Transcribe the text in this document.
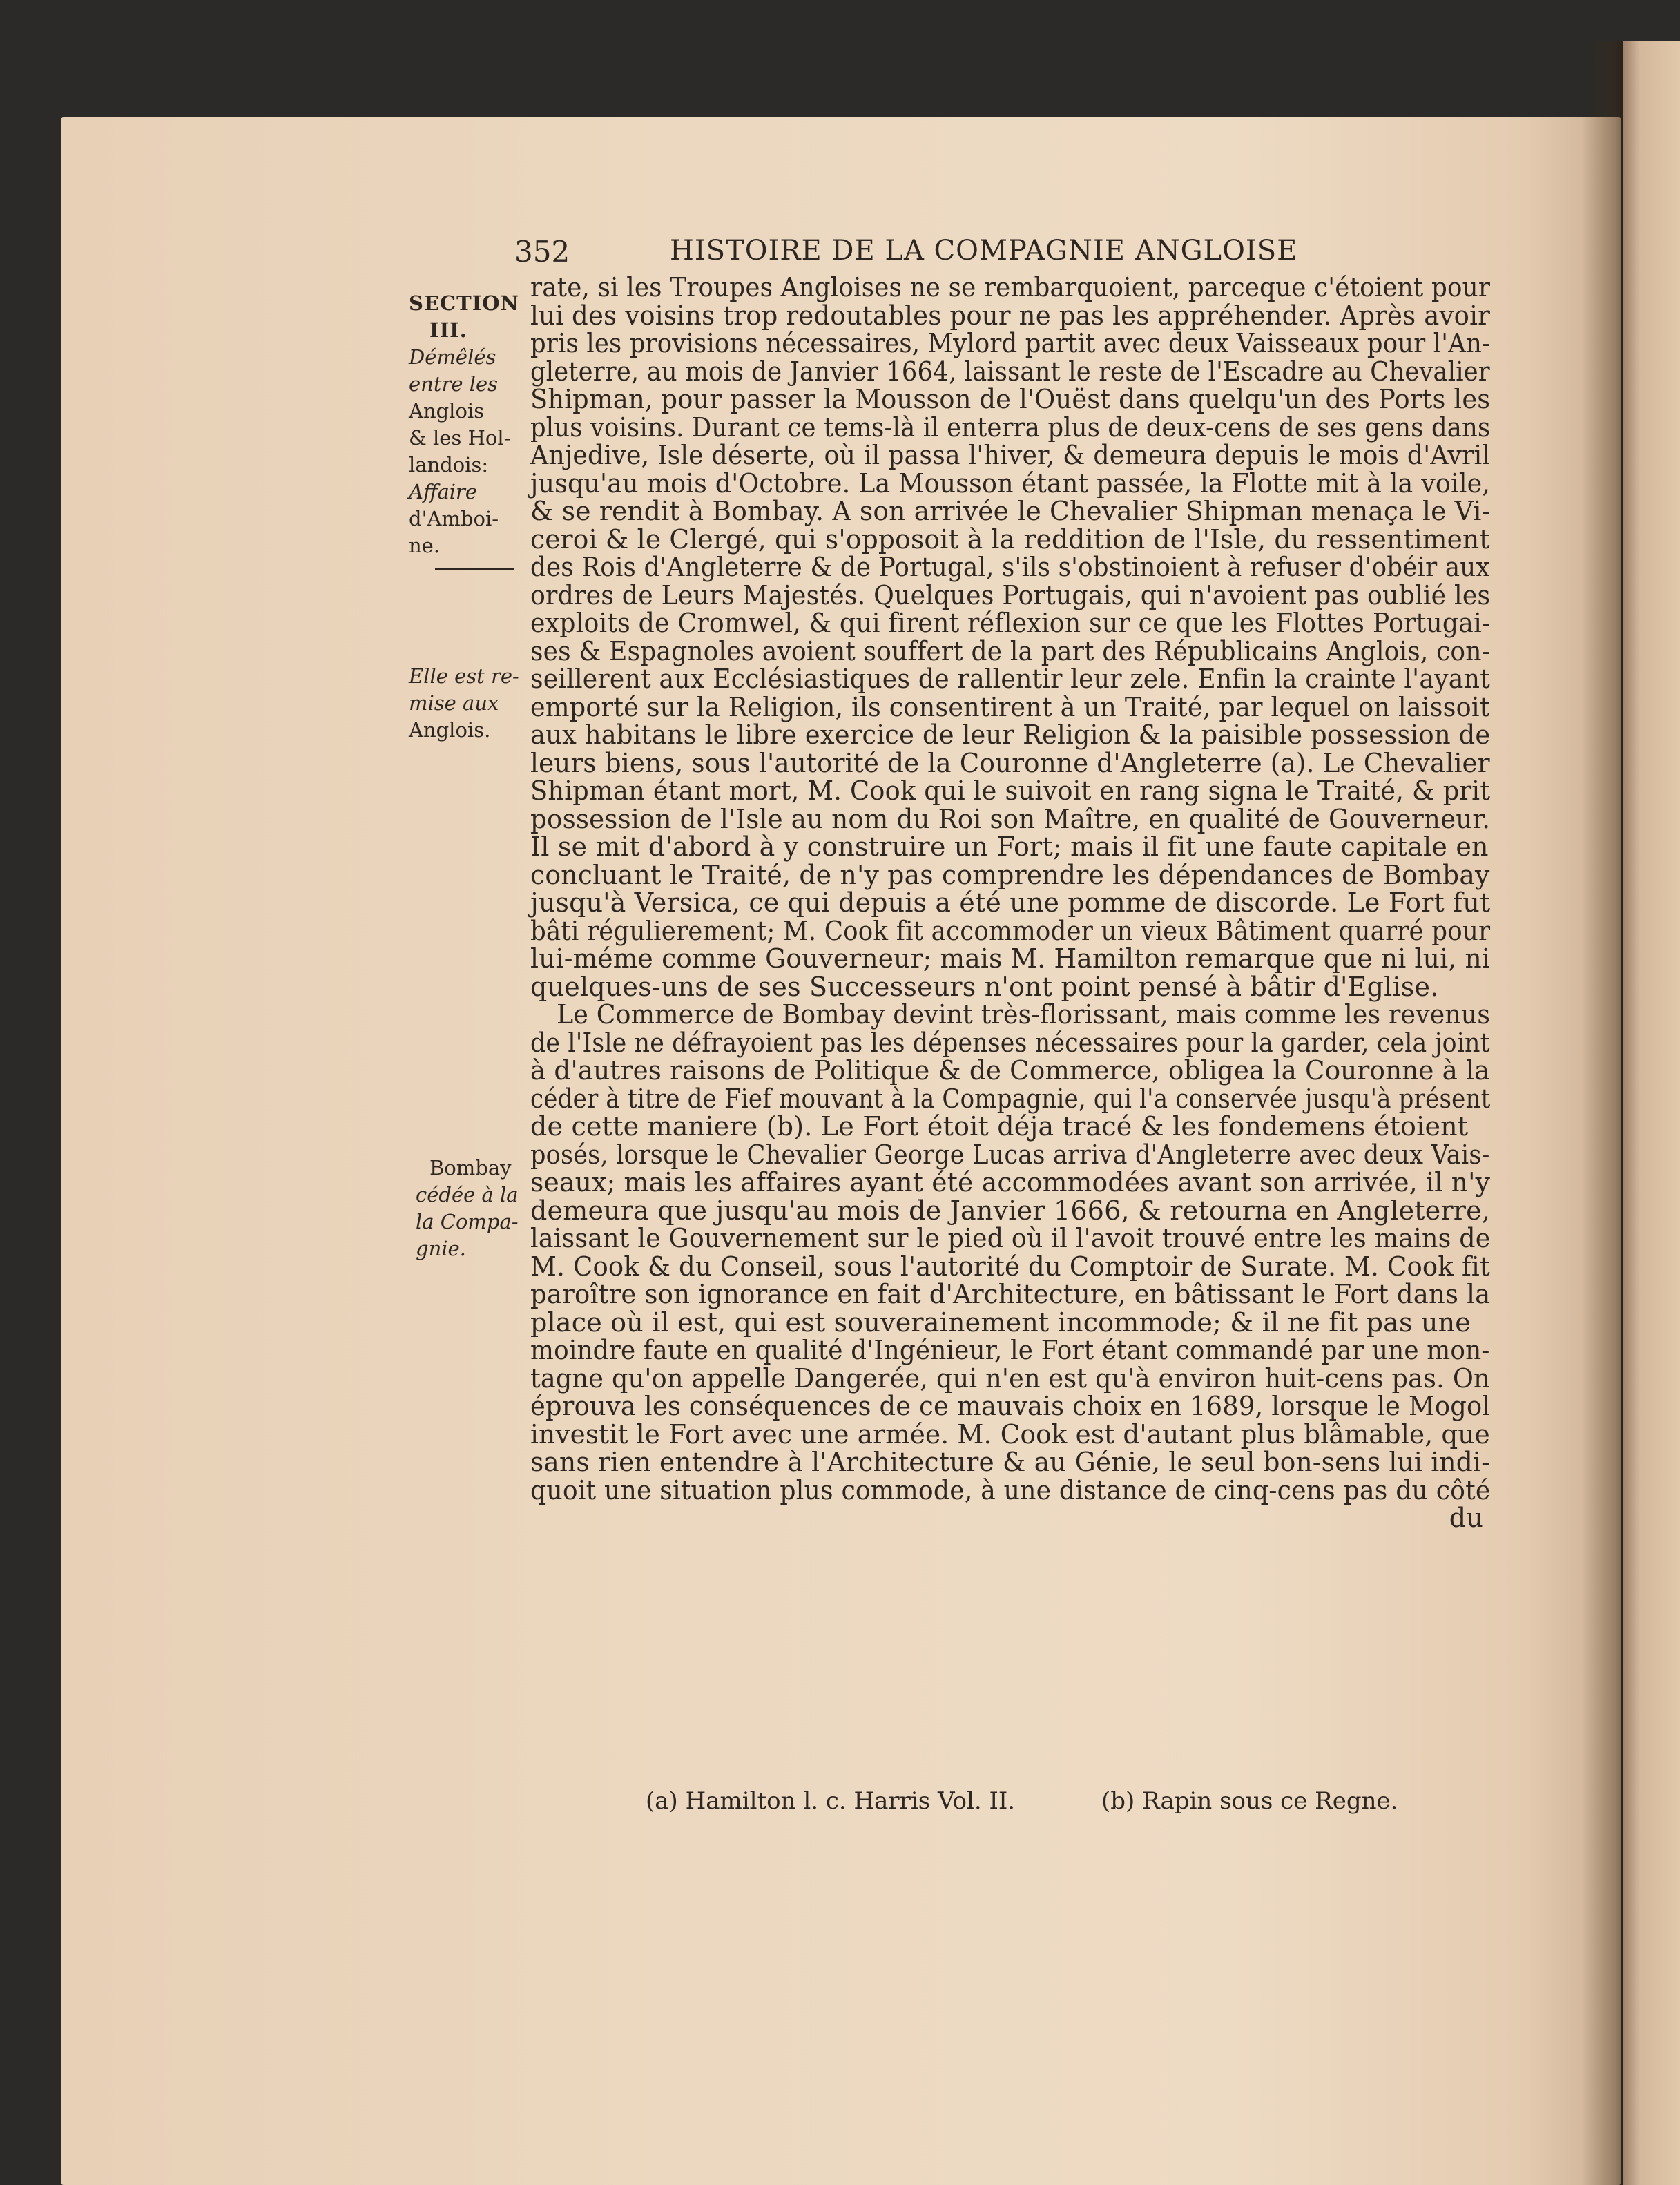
352	HISTOIRE DE LA COMPAGNIE ANGLOISE
SECTION
III.
Démêlés
entre les
Anglois
& les Hol-
landois:
Affaire
d'Amboi-
ne.
Elle est re-
mise aux
Anglois.
Bombay
cédée à la
la Compa-
gnie.
rate, si les Troupes Angloises ne se rembarquoient, parceque c'étoient pour
lui des voisins trop redoutables pour ne pas les appréhender. Après avoir
pris les provisions nécessaires, Mylord partit avec deux Vaisseaux pour l'An-
gleterre, au mois de Janvier 1664, laissant le reste de l'Escadre au Chevalier
Shipman, pour passer la Mousson de l'Ouëst dans quelqu'un des Ports les
plus voisins. Durant ce tems-là il enterra plus de deux-cens de ses gens dans
Anjedive, Isle déserte, où il passa l'hiver, & demeura depuis le mois d'Avril
jusqu'au mois d'Octobre. La Mousson étant passée, la Flotte mit à la voile,
& se rendit à Bombay. A son arrivée le Chevalier Shipman menaça le Vi-
ceroi & le Clergé, qui s'opposoit à la reddition de l'Isle, du ressentiment
des Rois d'Angleterre & de Portugal, s'ils s'obstinoient à refuser d'obéir aux
ordres de Leurs Majestés. Quelques Portugais, qui n'avoient pas oublié les
exploits de Cromwel, & qui firent réflexion sur ce que les Flottes Portugai-
ses & Espagnoles avoient souffert de la part des Républicains Anglois, con-
seillerent aux Ecclésiastiques de rallentir leur zele. Enfin la crainte l'ayant
emporté sur la Religion, ils consentirent à un Traité, par lequel on laissoit
aux habitans le libre exercice de leur Religion & la paisible possession de
leurs biens, sous l'autorité de la Couronne d'Angleterre (a). Le Chevalier
Shipman étant mort, M. Cook qui le suivoit en rang signa le Traité, & prit
possession de l'Isle au nom du Roi son Maître, en qualité de Gouverneur.
Il se mit d'abord à y construire un Fort; mais il fit une faute capitale en
concluant le Traité, de n'y pas comprendre les dépendances de Bombay
jusqu'à Versica, ce qui depuis a été une pomme de discorde. Le Fort fut
bâti régulierement; M. Cook fit accommoder un vieux Bâtiment quarré pour
lui-méme comme Gouverneur; mais M. Hamilton remarque que ni lui, ni
quelques-uns de ses Successeurs n'ont point pensé à bâtir d'Eglise.
Le Commerce de Bombay devint très-florissant, mais comme les revenus
de l'Isle ne défrayoient pas les dépenses nécessaires pour la garder, cela joint
à d'autres raisons de Politique & de Commerce, obligea la Couronne à la
céder à titre de Fief mouvant à la Compagnie, qui l'a conservée jusqu'à présent
de cette maniere (b). Le Fort étoit déja tracé & les fondemens étoient
posés, lorsque le Chevalier George Lucas arriva d'Angleterre avec deux Vais-
seaux; mais les affaires ayant été accommodées avant son arrivée, il n'y
demeura que jusqu'au mois de Janvier 1666, & retourna en Angleterre,
laissant le Gouvernement sur le pied où il l'avoit trouvé entre les mains de
M. Cook & du Conseil, sous l'autorité du Comptoir de Surate. M. Cook fit
paroître son ignorance en fait d'Architecture, en bâtissant le Fort dans la
place où il est, qui est souverainement incommode; & il ne fit pas une
moindre faute en qualité d'Ingénieur, le Fort étant commandé par une mon-
tagne qu'on appelle Dangerée, qui n'en est qu'à environ huit-cens pas. On
éprouva les conséquences de ce mauvais choix en 1689, lorsque le Mogol
investit le Fort avec une armée. M. Cook est d'autant plus blâmable, que
sans rien entendre à l'Architecture & au Génie, le seul bon-sens lui indi-
quoit une situation plus commode, à une distance de cinq-cens pas du côté
du
(a) Hamilton l. c. Harris Vol. II.	(b) Rapin sous ce Regne.
